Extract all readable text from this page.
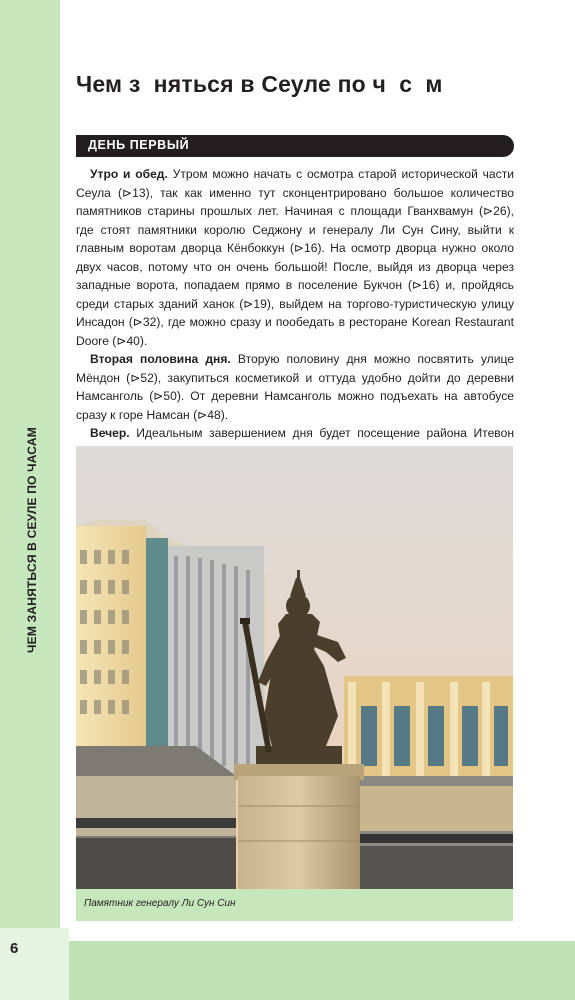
ЧЕМ ЗАНЯТЬСЯ В СЕУЛЕ ПО ЧАСАМ
6
Чем з  няться в Сеуле по ч  с  м
ДЕНЬ ПЕРВЫЙ

Утро и обед. Утром можно начать с осмотра старой исторической части Сеула (⊳13), так как именно тут сконцентрировано большое количество памятников старины прошлых лет. Начиная с площади Гванхвамун (⊳26), где стоят памятники королю Седжону и генералу Ли Сун Сину, выйти к главным воротам дворца Кёнбоккун (⊳16). На осмотр дворца нужно около двух часов, потому что он очень большой! После, выйдя из дворца через западные ворота, попадаем прямо в поселение Букчон (⊳16) и, пройдясь среди старых зданий ханок (⊳19), выйдем на торгово-туристическую улицу Инсадон (⊳32), где можно сразу и пообедать в ресторане Korean Restaurant Doore (⊳40).

Вторая половина дня. Вторую половину дня можно посвятить улице Мёндон (⊳52), закупиться косметикой и оттуда удобно дойти до деревни Намсанголь (⊳50). От деревни Намсанголь можно подъехать на автобусе сразу к горе Намсан (⊳48).

Вечер. Идеальным завершением дня будет посещение района Итевон

Памятник генералу Ли Сун Син
